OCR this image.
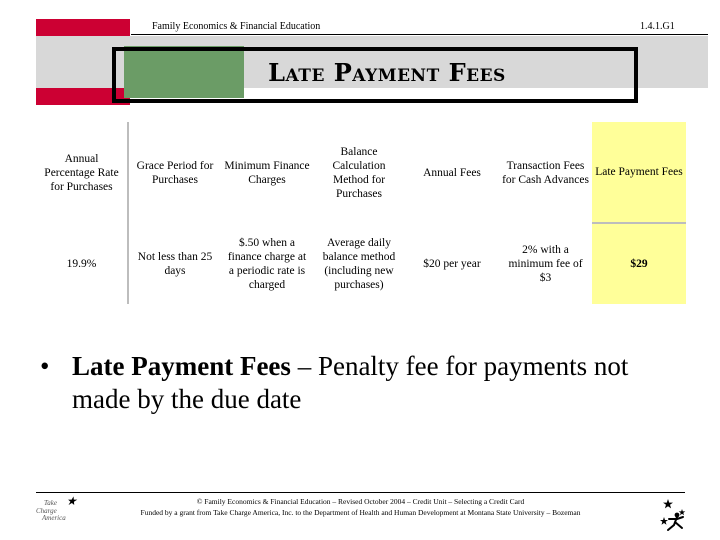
Family Economics & Financial Education	1.4.1.G1
Late Payment Fees
Annual Percentage Rate for Purchases	Grace Period for Purchases	Minimum Finance Charges	Balance Calculation Method for Purchases	Annual Fees	Transaction Fees for Cash Advances	Late Payment Fees
19.9%	Not less than 25 days	$.50 when a finance charge at a periodic rate is charged	Average daily balance method (including new purchases)	$20 per year	2% with a minimum fee of $3	$29
• Late Payment Fees – Penalty fee for payments not made by the due date
Take
Charge
America
★	© Family Economics & Financial Education – Revised October 2004 – Credit Unit – Selecting a Credit Card
Funded by a grant from Take Charge America, Inc. to the Department of Health and Human Development at Montana State University – Bozeman
